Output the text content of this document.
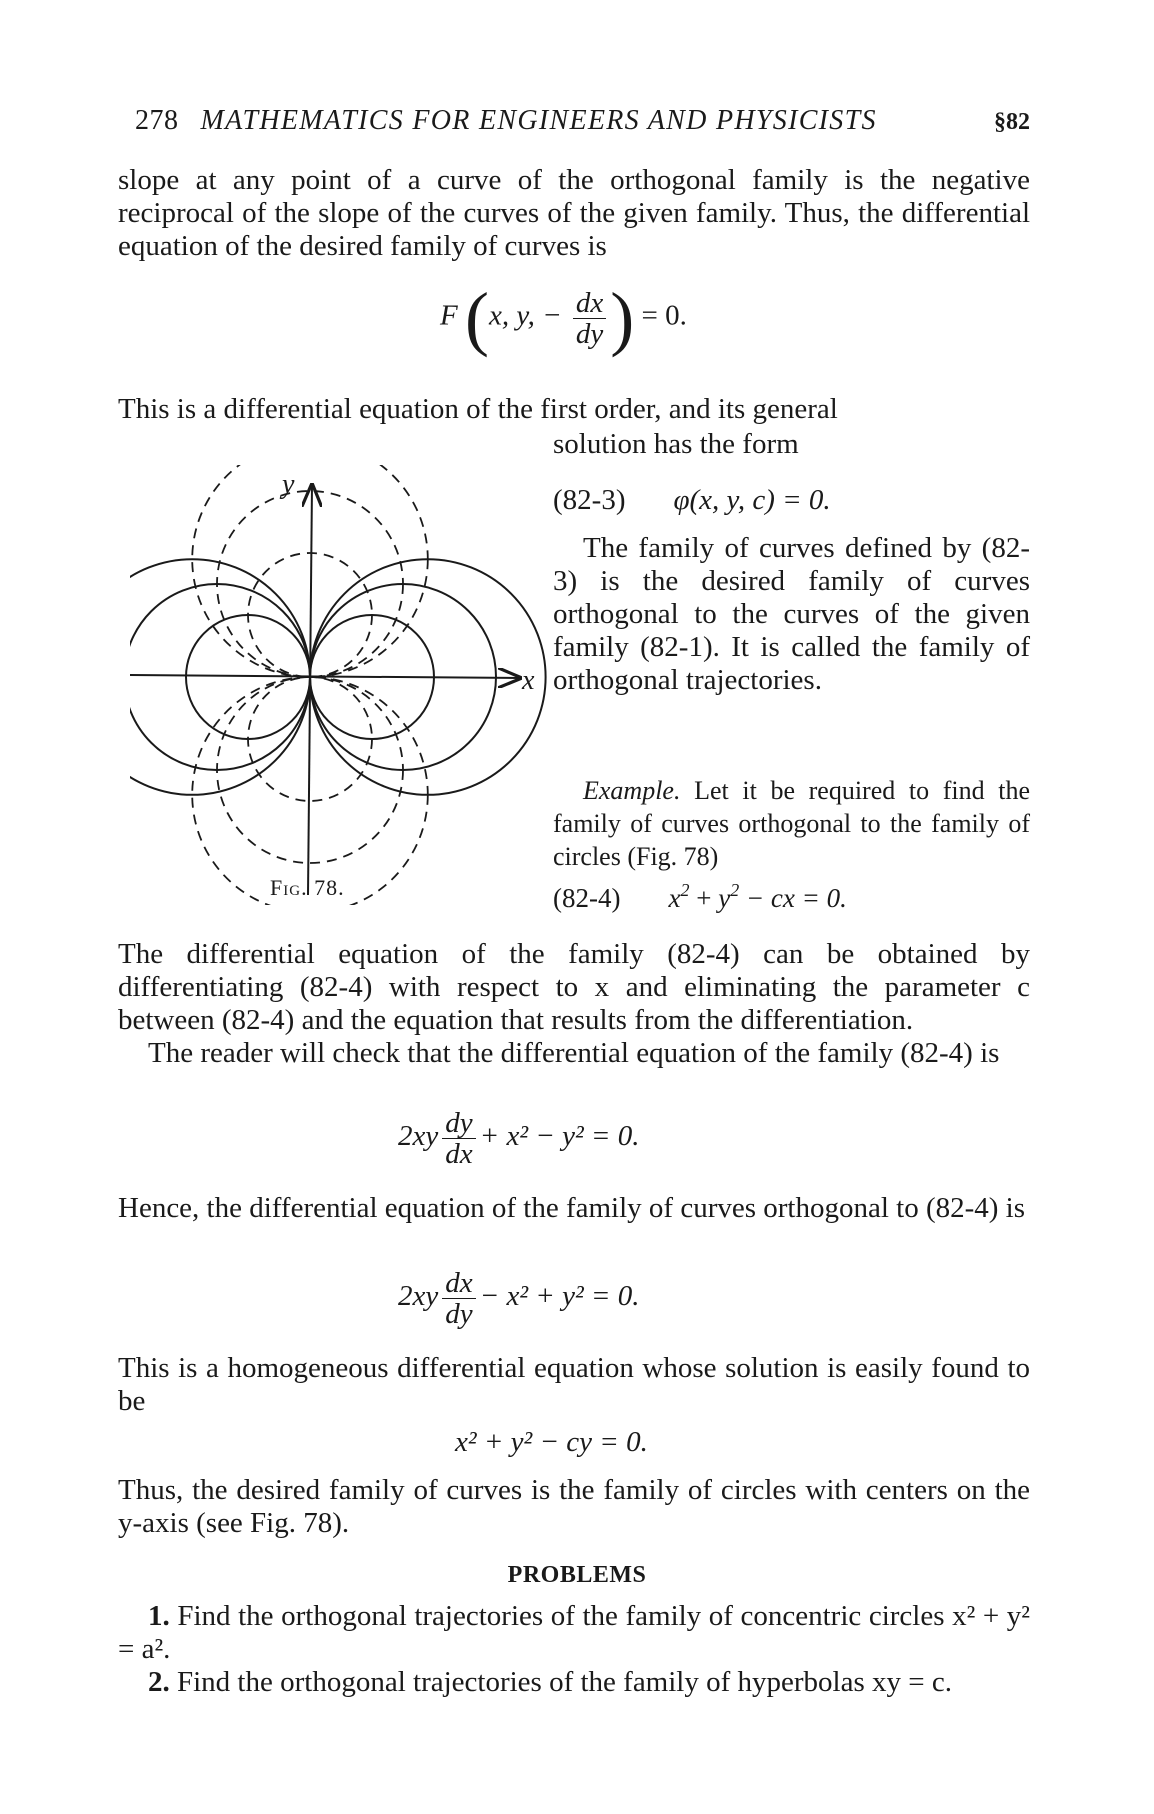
278 MATHEMATICS FOR ENGINEERS AND PHYSICISTS	§82

slope at any point of a curve of the orthogonal family is the negative reciprocal of the slope of the curves of the given family. Thus, the differential equation of the desired family of curves is

F (x, y, − $\frac{dx}{dy}$ ) = 0.
This is a differential equation of the first order, and its general
solution has the form
(82-3) φ(x, y, c) = 0.

The family of curves defined by (82-3) is the desired family of curves orthogonal to the curves of the given family (82-1). It is called the family of orthogonal trajectories.

Example. Let it be required to find the family of curves orthogonal to the family of circles (Fig. 78)

(82-4) $x^2 + y^2$ − cx = 0.
x
y
Fig. 78.

The differential equation of the family (82-4) can be obtained by differentiating (82-4) with respect to x and eliminating the parameter c between (82-4) and the equation that results from the differentiation.

The reader will check that the differential equation of the family (82-4) is

$2xy \frac{dy}{dx} + x^2 - y^2 = 0$.

Hence, the differential equation of the family of curves orthogonal to (82-4) is

$2xy \frac{dx}{dy} - x^2 + y^2 = 0$.

This is a homogeneous differential equation whose solution is easily found to be

x² + y² − cy = 0.

Thus, the desired family of curves is the family of circles with centers on the y-axis (see Fig. 78).

PROBLEMS

1. Find the orthogonal trajectories of the family of concentric circles x² + y² = a².

2. Find the orthogonal trajectories of the family of hyperbolas xy = c.
